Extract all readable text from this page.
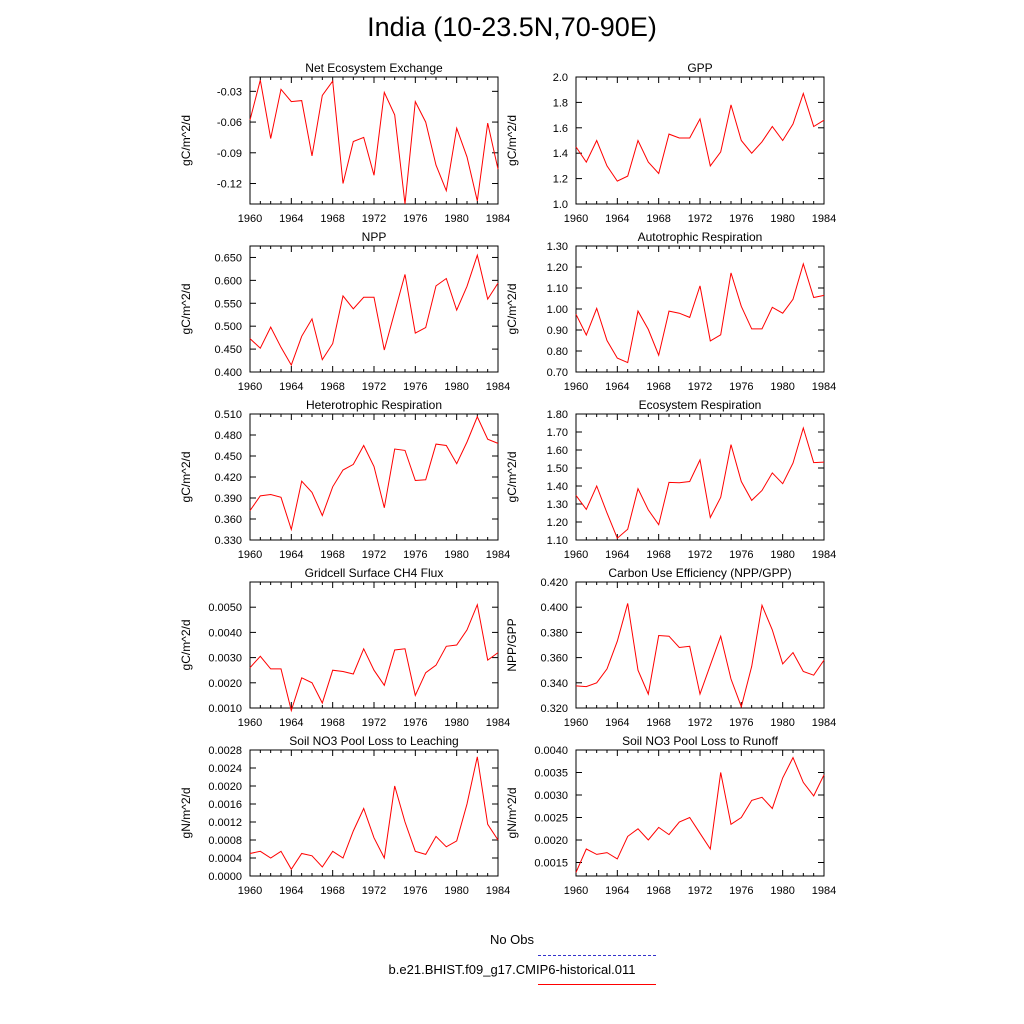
India (10-23.5N,70-90E)
1960 1964 1968 1972 1976 1980 1984
-0.03
-0.06
-0.09
-0.12
Net Ecosystem Exchange
gC/m^2/d
1960 1964 1968 1972 1976 1980 1984
1.0
1.2
1.4
1.6
1.8
2.0
GPP
gC/m^2/d
1960 1964 1968 1972 1976 1980 1984
0.400
0.450
0.500
0.550
0.600
0.650
NPP
gC/m^2/d
1960 1964 1968 1972 1976 1980 1984
0.70
0.80
0.90
1.00
1.10
1.20
1.30
Autotrophic Respiration
gC/m^2/d
1960 1964 1968 1972 1976 1980 1984
0.330
0.360
0.390
0.420
0.450
0.480
0.510
Heterotrophic Respiration
gC/m^2/d
1960 1964 1968 1972 1976 1980 1984
1.10
1.20
1.30
1.40
1.50
1.60
1.70
1.80
Ecosystem Respiration
gC/m^2/d
1960 1964 1968 1972 1976 1980 1984
0.0010
0.0020
0.0030
0.0040
0.0050
Gridcell Surface CH4 Flux
gC/m^2/d
1960 1964 1968 1972 1976 1980 1984
0.320
0.340
0.360
0.380
0.400
0.420
Carbon Use Efficiency (NPP/GPP)
NPP/GPP
1960 1964 1968 1972 1976 1980 1984
0.0000
0.0004
0.0008
0.0012
0.0016
0.0020
0.0024
0.0028
Soil NO3 Pool Loss to Leaching
gN/m^2/d
1960 1964 1968 1972 1976 1980 1984
0.0015
0.0020
0.0025
0.0030
0.0035
0.0040
Soil NO3 Pool Loss to Runoff
gN/m^2/d
No Obs
b.e21.BHIST.f09_g17.CMIP6-historical.011
